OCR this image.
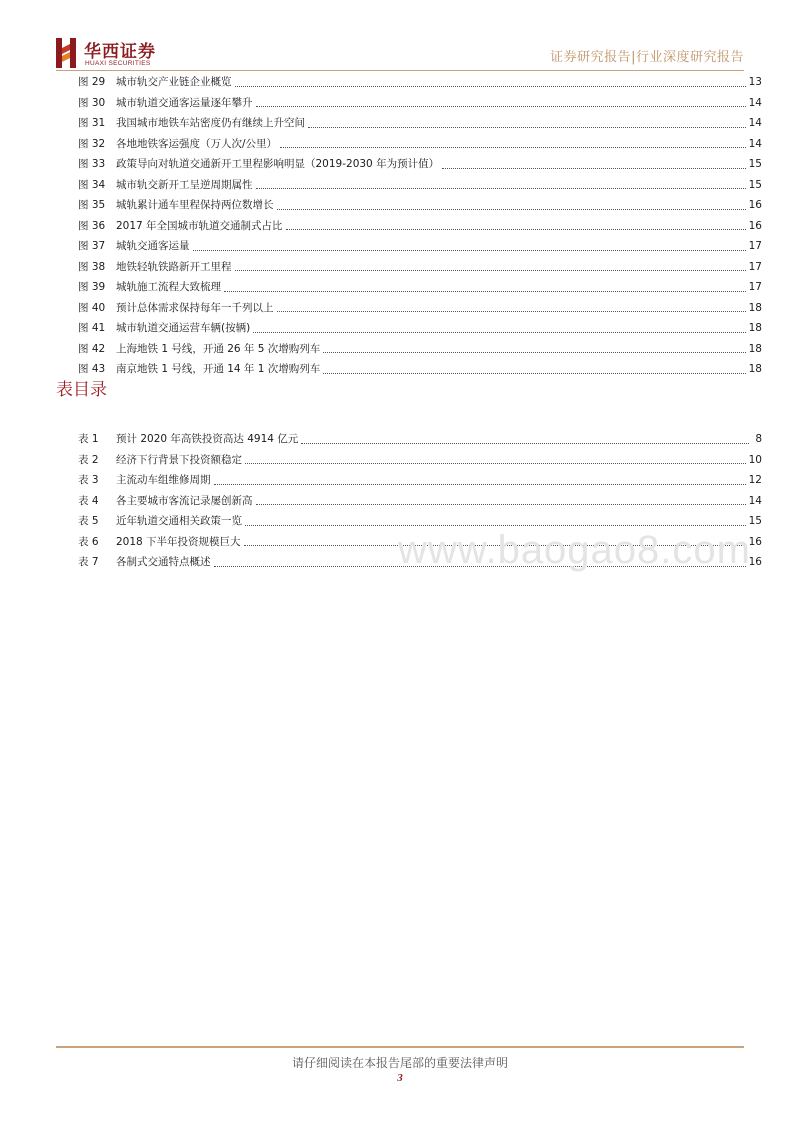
华西证券
HUAXI SECURITIES	证券研究报告|行业深度研究报告
图 29	城市轨交产业链企业概览	13
图 30	城市轨道交通客运量逐年攀升	14
图 31	我国城市地铁车站密度仍有继续上升空间	14
图 32	各地地铁客运强度（万人次/公里）	14
图 33	政策导向对轨道交通新开工里程影响明显（2019-2030 年为预计值）	15
图 34	城市轨交新开工呈逆周期属性	15
图 35	城轨累计通车里程保持两位数增长	16
图 36	2017 年全国城市轨道交通制式占比	16
图 37	城轨交通客运量	17
图 38	地铁轻轨铁路新开工里程	17
图 39	城轨施工流程大致梳理	17
图 40	预计总体需求保持每年一千列以上	18
图 41	城市轨道交通运营车辆(按辆)	18
图 42	上海地铁 1 号线，开通 26 年 5 次增购列车	18
图 43	南京地铁 1 号线，开通 14 年 1 次增购列车	18
表目录
表 1	预计 2020 年高铁投资高达 4914 亿元	8
表 2	经济下行背景下投资额稳定	10
表 3	主流动车组维修周期	12
表 4	各主要城市客流记录屡创新高	14
表 5	近年轨道交通相关政策一览	15
表 6	2018 下半年投资规模巨大	16
表 7	各制式交通特点概述	16
www.baogao8.com
请仔细阅读在本报告尾部的重要法律声明
3
